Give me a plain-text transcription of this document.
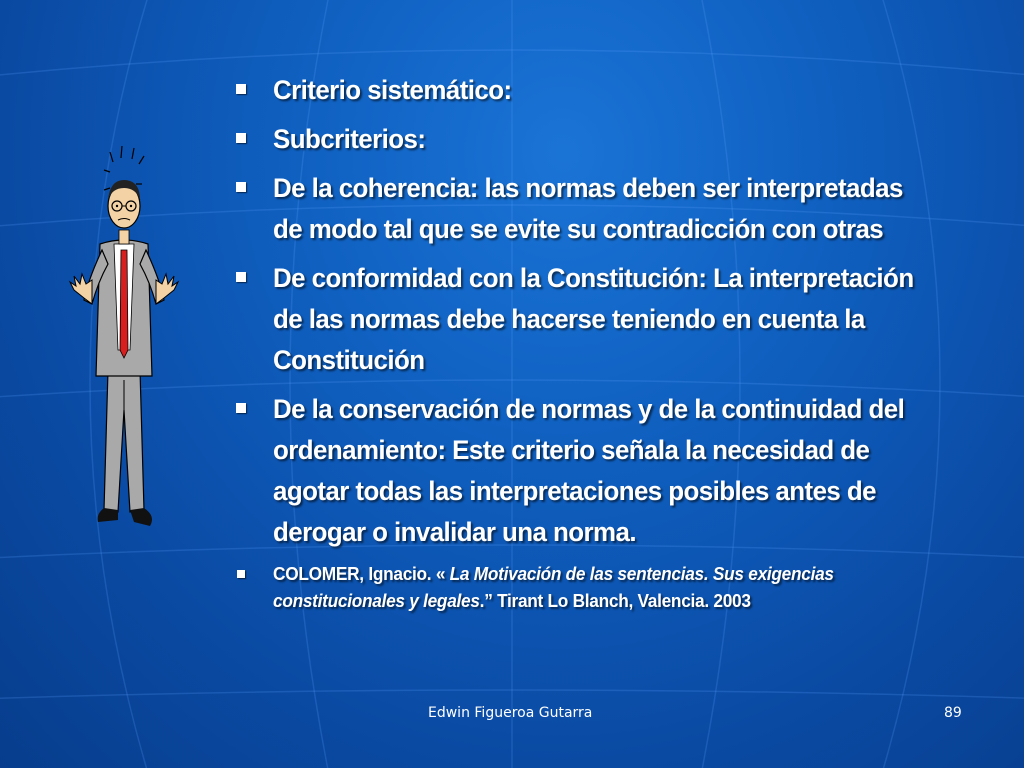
Criterio sistemático:
Subcriterios:
De la coherencia: las normas deben ser interpretadas de modo tal que se evite su contradicción con otras
De conformidad con la Constitución: La interpretación de las normas debe hacerse teniendo en cuenta la Constitución
De la conservación de normas y de la continuidad del ordenamiento: Este criterio señala la necesidad de agotar todas las interpretaciones posibles antes de derogar o invalidar una norma.
COLOMER, Ignacio. « La Motivación de las sentencias. Sus exigencias constitucionales y legales.” Tirant Lo Blanch, Valencia. 2003
Edwin Figueroa Gutarra	89
